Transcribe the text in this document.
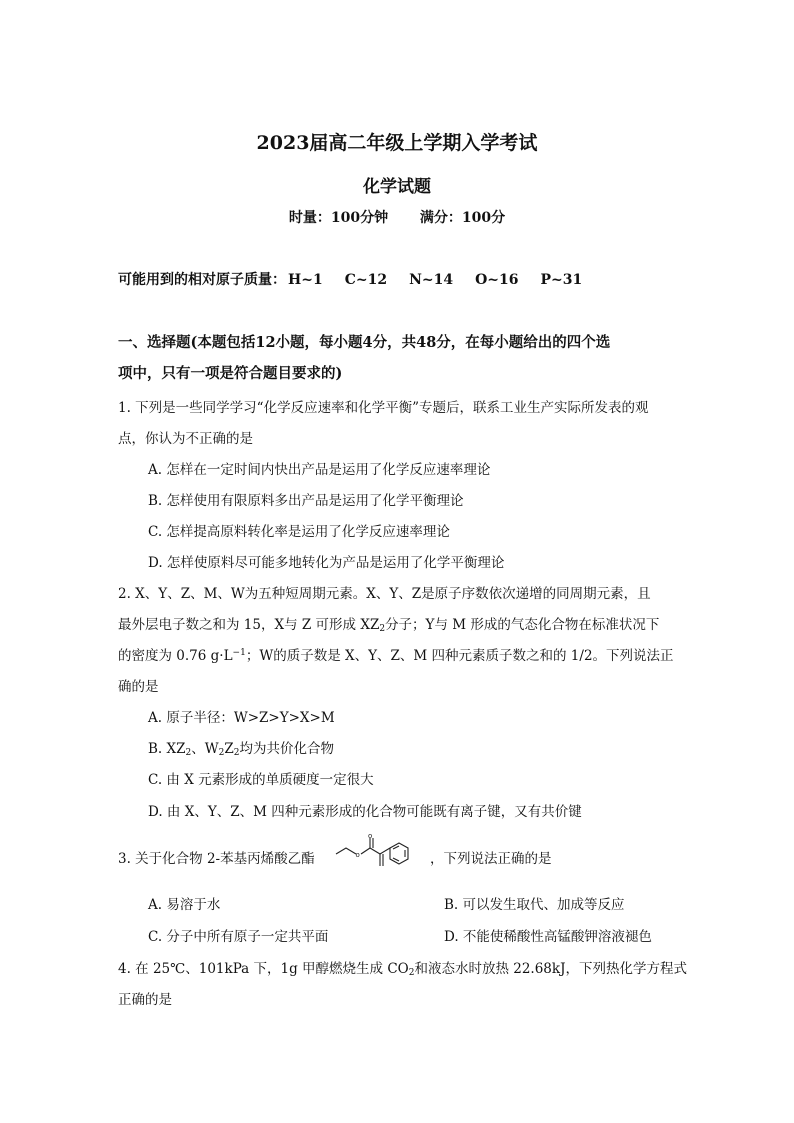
2023届高二年级上学期入学考试
化学试题
时量：100分钟 满分：100分
可能用到的相对原子质量： H~1 C~12 N~14 O~16 P~31
一、选择题(本题包括12小题，每小题4分，共48分，在每小题给出的四个选
项中，只有一项是符合题目要求的)
1. 下列是一些同学学习“化学反应速率和化学平衡”专题后，联系工业生产实际所发表的观
点，你认为不正确的是
A. 怎样在一定时间内快出产品是运用了化学反应速率理论
B. 怎样使用有限原料多出产品是运用了化学平衡理论
C. 怎样提高原料转化率是运用了化学反应速率理论
D. 怎样使原料尽可能多地转化为产品是运用了化学平衡理论
2. X、Y、Z、M、W为五种短周期元素。X、Y、Z是原子序数依次递增的同周期元素，且
最外层电子数之和为 15，X与 Z 可形成 $XZ_2$分子；Y与 M 形成的气态化合物在标准状况下
的密度为 0.76 $g\cdot L^{-1}$；W的质子数是 X、Y、Z、M 四种元素质子数之和的 1/2。下列说法正
确的是
A. 原子半径：W>Z>Y>X>M
B. $XZ_2$、$W_2Z_2$均为共价化合物
C. 由 X 元素形成的单质硬度一定很大
D. 由 X、Y、Z、M 四种元素形成的化合物可能既有离子键，又有共价键
3. 关于化合物 2-苯基丙烯酸乙酯	o
o
，下列说法正确的是
A. 易溶于水	B. 可以发生取代、加成等反应
C. 分子中所有原子一定共平面	D. 不能使稀酸性高锰酸钾溶液褪色
4. 在 25℃、101kPa 下，1g 甲醇燃烧生成 $CO_2$和液态水时放热 22.68kJ，下列热化学方程式
正确的是
